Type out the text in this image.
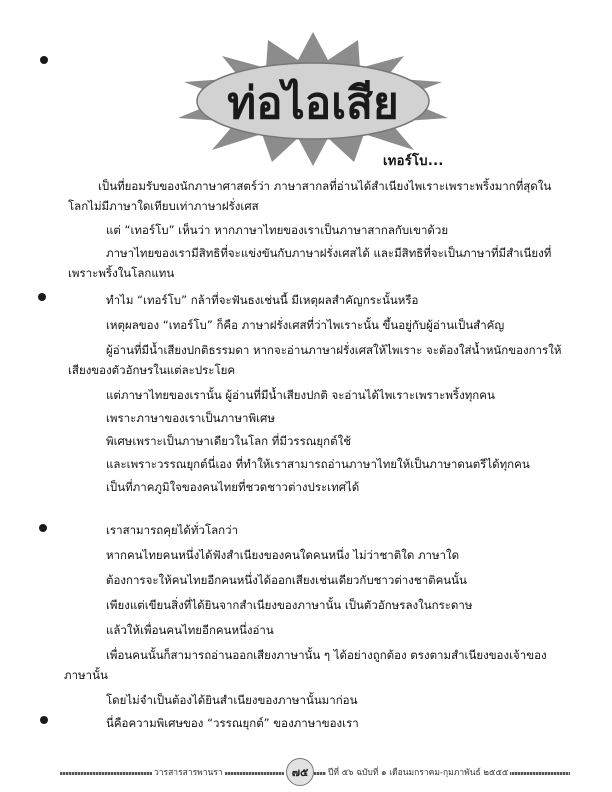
ท่อไอเสีย
เทอร์โบ...

เป็นที่ยอมรับของนักภาษาศาสตร์ว่า ภาษาสากลที่อ่านได้สำเนียงไพเราะเพราะพริ้งมากที่สุดใน
โลกไม่มีภาษาใดเทียบเท่าภาษาฝรั่งเศส

แต่ “เทอร์โบ” เห็นว่า หากภาษาไทยของเราเป็นภาษาสากลกับเขาด้วย

ภาษาไทยของเรามีสิทธิที่จะแข่งขันกับภาษาฝรั่งเศสได้ และมีสิทธิที่จะเป็นภาษาที่มีสำเนียงที่
เพราะพริ้งในโลกแทน

ทำไม “เทอร์โบ” กล้าที่จะฟันธงเช่นนี้ มีเหตุผลสำคัญกระนั้นหรือ

เหตุผลของ “เทอร์โบ” ก็คือ ภาษาฝรั่งเศสที่ว่าไพเราะนั้น ขึ้นอยู่กับผู้อ่านเป็นสำคัญ

ผู้อ่านที่มีน้ำเสียงปกติธรรมดา หากจะอ่านภาษาฝรั่งเศสให้ไพเราะ จะต้องใส่น้ำหนักของการให้
เสียงของตัวอักษรในแต่ละประโยค

แต่ภาษาไทยของเรานั้น ผู้อ่านที่มีน้ำเสียงปกติ จะอ่านได้ไพเราะเพราะพริ้งทุกคน

เพราะภาษาของเราเป็นภาษาพิเศษ

พิเศษเพราะเป็นภาษาเดียวในโลก ที่มีวรรณยุกต์ใช้

และเพราะวรรณยุกต์นี่เอง ที่ทำให้เราสามารถอ่านภาษาไทยให้เป็นภาษาดนตรีได้ทุกคน

เป็นที่ภาคภูมิใจของคนไทยที่ชวดชาวต่างประเทศได้

เราสามารถคุยได้ทั่วโลกว่า

หากคนไทยคนหนึ่งได้ฟังสำเนียงของคนใดคนหนึ่ง ไม่ว่าชาติใด ภาษาใด

ต้องการจะให้คนไทยอีกคนหนึ่งได้ออกเสียงเช่นเดียวกับชาวต่างชาติคนนั้น

เพียงแต่เขียนสิ่งที่ได้ยินจากสำเนียงของภาษานั้น เป็นตัวอักษรลงในกระดาษ

แล้วให้เพื่อนคนไทยอีกคนหนึ่งอ่าน

เพื่อนคนนั้นก็สามารถอ่านออกเสียงภาษานั้น ๆ ได้อย่างถูกต้อง ตรงตามสำเนียงของเจ้าของ
ภาษานั้น

โดยไม่จำเป็นต้องได้ยินสำเนียงของภาษานั้นมาก่อน

นี่คือความพิเศษของ “วรรณยุกต์” ของภาษาของเรา

วารสารสารพานรา	๗๕ ปีที่ ๕๖ ฉบับที่ ๑ เดือนมกราคม-กุมภาพันธ์ ๒๕๕๕
